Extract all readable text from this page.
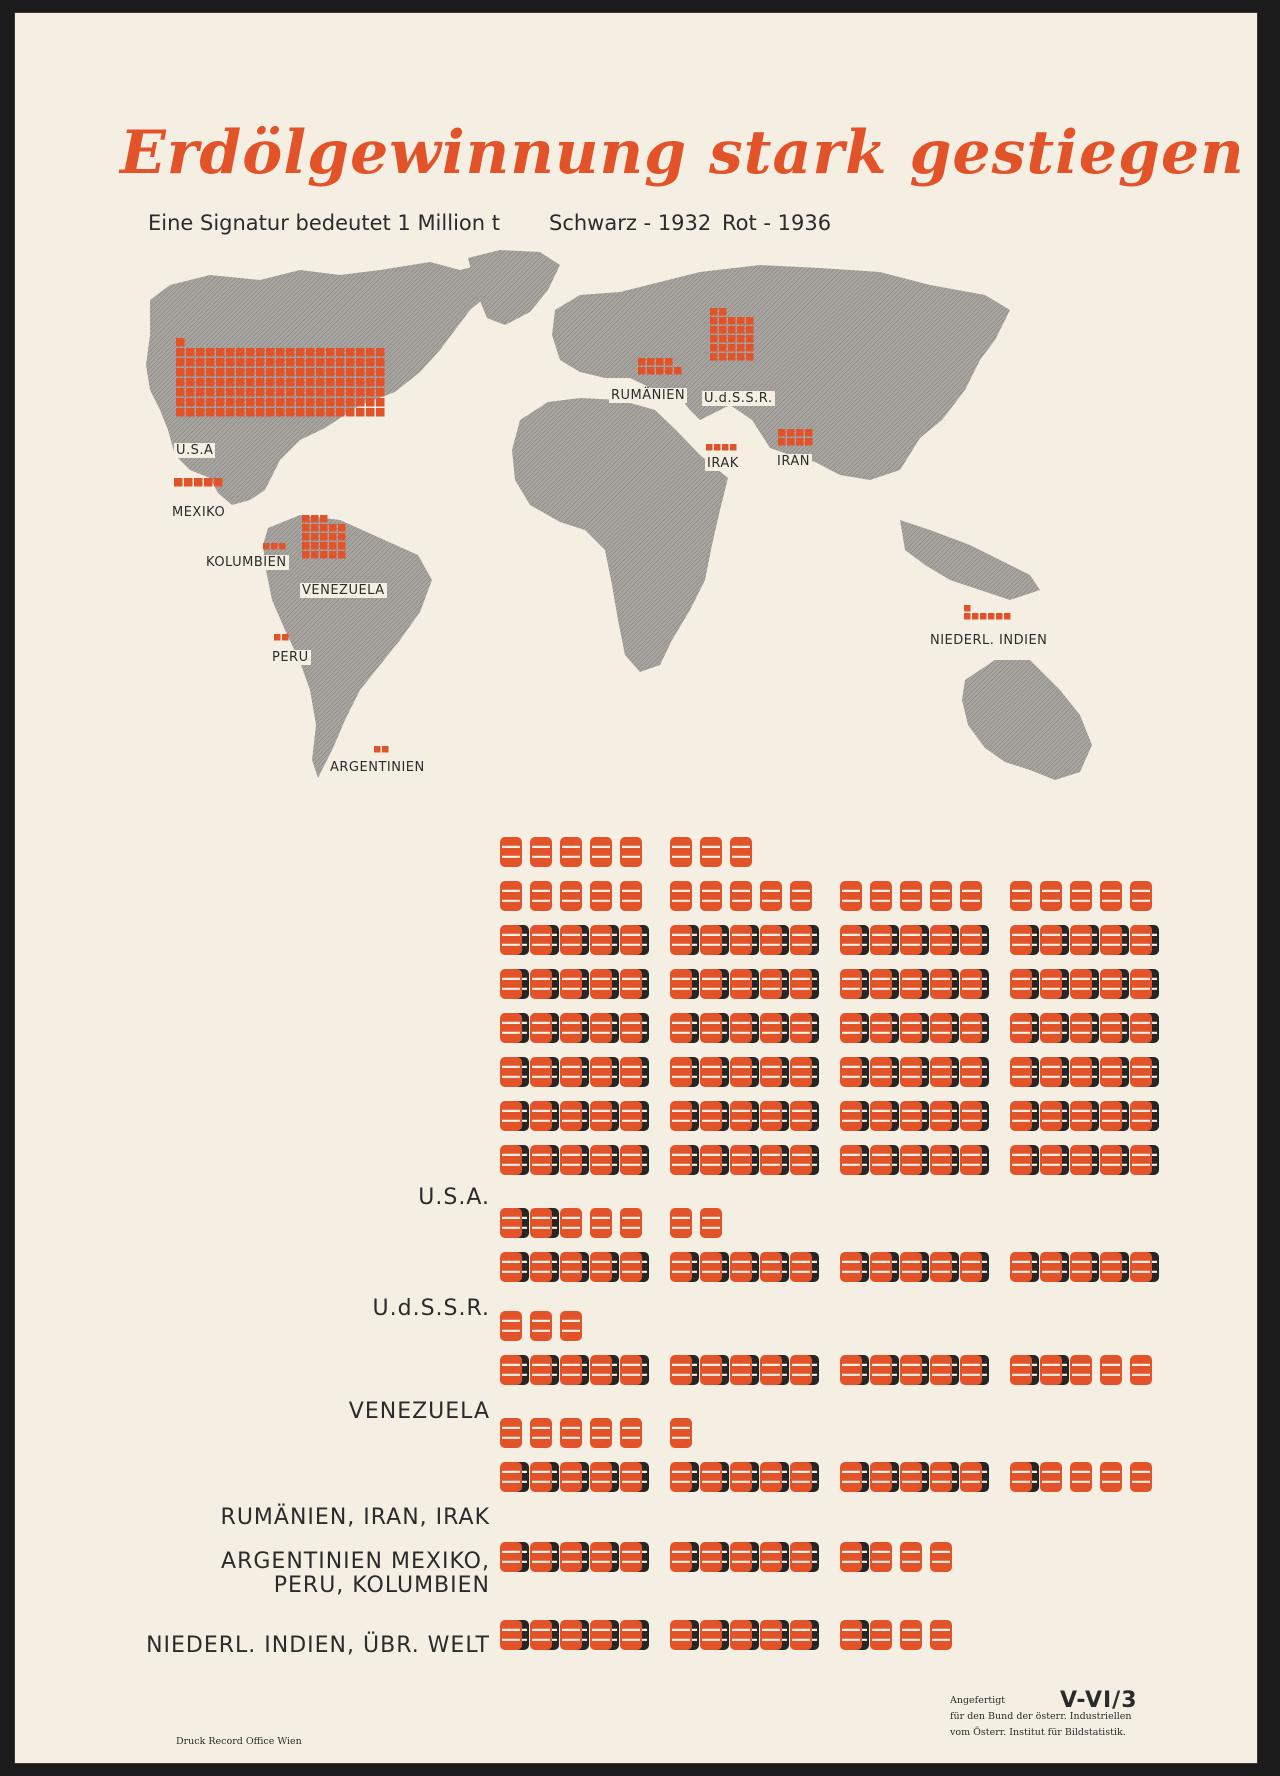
Erdölgewinnung stark gestiegen
Eine Signatur bedeutet 1 Million t Schwarz - 1932 Rot - 1936
U.S.A
MEXIKO
KOLUMBIEN
VENEZUELA
PERU
ARGENTINIEN
RUMÄNIEN U.d.S.S.R.
IRAK	IRAN
NIEDERL. INDIEN
U.S.A.
U.d.S.S.R.
VENEZUELA
RUMÄNIEN, IRAN, IRAK
ARGENTINIEN MEXIKO, PERU, KOLUMBIEN
NIEDERL. INDIEN, ÜBR. WELT
Angefertigt
für den Bund der österr. Industriellen
vom Österr. Institut für Bildstatistik.
V-VI/3
Druck Record Office Wien
